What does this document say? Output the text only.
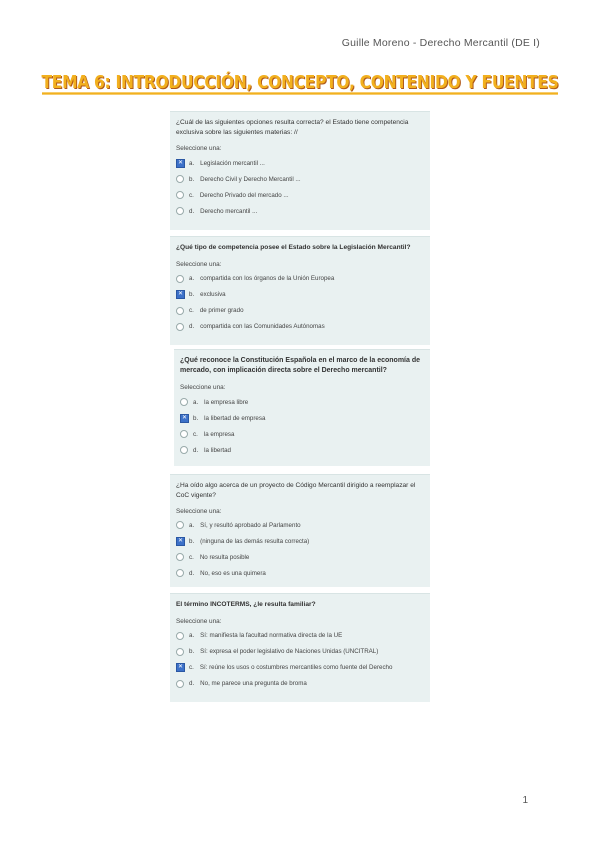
Guille Moreno - Derecho Mercantil (DE I)
TEMA 6: INTRODUCCIÓN, CONCEPTO, CONTENIDO Y FUENTES
¿Cuál de las siguientes opciones resulta correcta? el Estado tiene competencia exclusiva sobre las siguientes materias: //
Seleccione una:
✕ a. Legislación mercantil ...
b. Derecho Civil y Derecho Mercantil ...
c. Derecho Privado del mercado ...
d. Derecho mercantil ...
¿Qué tipo de competencia posee el Estado sobre la Legislación Mercantil?
Seleccione una:
a. compartida con los órganos de la Unión Europea
✕ b. exclusiva
c. de primer grado
d. compartida con las Comunidades Autónomas
¿Qué reconoce la Constitución Española en el marco de la economía de mercado, con implicación directa sobre el Derecho mercantil?
Seleccione una:
a. la empresa libre
✕ b. la libertad de empresa
c. la empresa
d. la libertad
¿Ha oído algo acerca de un proyecto de Código Mercantil dirigido a reemplazar el CoC vigente?
Seleccione una:
a. Sí, y resultó aprobado al Parlamento
✕ b. (ninguna de las demás resulta correcta)
c. No resulta posible
d. No, eso es una quimera
El término INCOTERMS, ¿le resulta familiar?
Seleccione una:
a. Sí: manifiesta la facultad normativa directa de la UE
b. Sí: expresa el poder legislativo de Naciones Unidas (UNCITRAL)
✕ c. Sí: reúne los usos o costumbres mercantiles como fuente del Derecho
d. No, me parece una pregunta de broma
1
